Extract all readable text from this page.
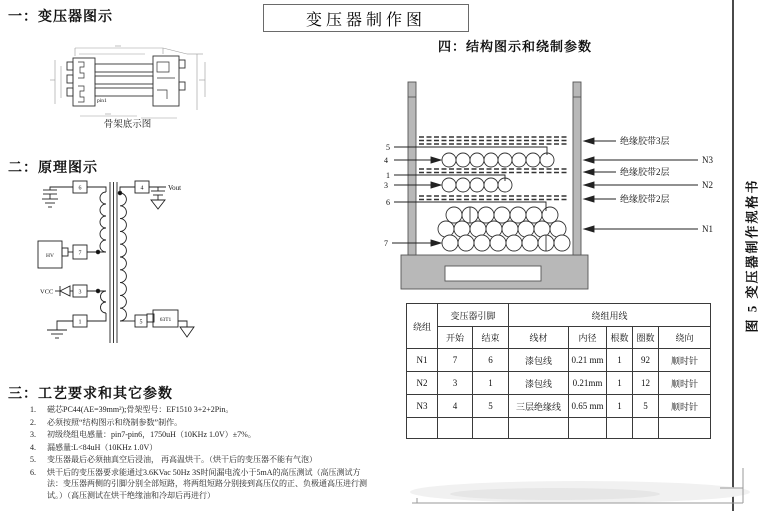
变压器制作图
图 5 变压器制作规格书
一：变压器图示
pin1
骨架底示图
二：原理图示
6
7
3
1
4
5
HV
VCC
Vout
63T1
三：工艺要求和其它参数
1.	磁芯PC44(AE=39mm²);骨架型号：EF1510 3+2+2Pin。
2.	必须按照“结构图示和绕制参数”制作。
3.	初级绕组电感量：pin7-pin6，1750uH（10KHz 1.0V）±7%。
4.	漏感量:L<84uH（10KHz 1.0V）
5.	变压器最后必须抽真空后浸油， 再高温烘干。（烘干后的变压器不能有气泡）
6.	烘干后的变压器要求能通过3.6KVac 50Hz 3S时间漏电流小于5mA的高压测试（高压测试方法：变压器两侧的引脚分别全部短路，将两组短路分别接到高压仪的正、负极通高压进行测试。）（高压测试在烘干绝缘油和冷却后再进行）
四：结构图示和绕制参数
5
4
1
3
6
7
绝缘胶带3层
N3
绝缘胶带2层
N2
绝缘胶带2层
N1
绕组	变压器引脚		绕组用线				
	开始	结束	线材	内径	根数	圈数	绕向
N1	7	6	漆包线	0.21 mm	1	92	顺时针
N2	3	1	漆包线	0.21mm	1	12	顺时针
N3	4	5	三层绝缘线	0.65 mm	1	5	顺时针
